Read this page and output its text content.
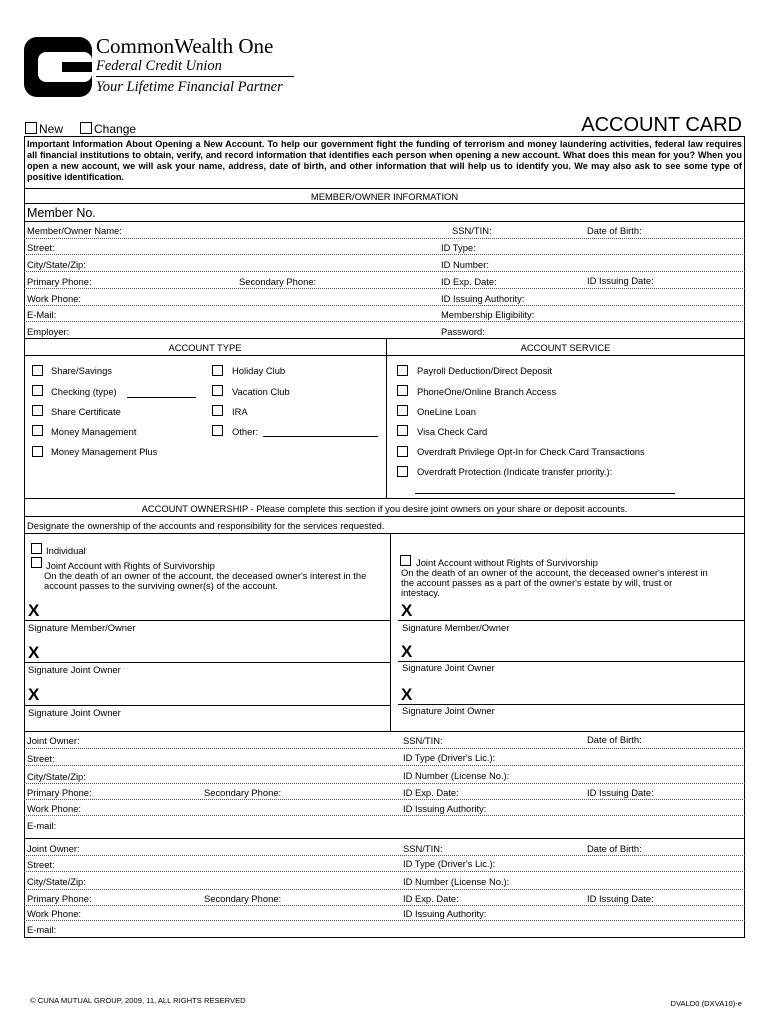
CommonWealth One
Federal Credit Union
Your Lifetime Financial Partner
New	Change	ACCOUNT CARD
Important Information About Opening a New Account. To help our government fight the funding of terrorism and money laundering activities, federal law requires all financial institutions to obtain, verify, and record information that identifies each person when opening a new account. What does this mean for you? When you open a new account, we will ask your name, address, date of birth, and other information that will help us to identify you. We may also ask to see some type of positive identification.
MEMBER/OWNER INFORMATION
Member No.
Member/Owner Name:	SSN/TIN:	Date of Birth:
Street:	ID Type:
City/State/Zip:	ID Number:
Primary Phone:	Secondary Phone:	ID Exp. Date:	ID Issuing Date:
Work Phone:	ID Issuing Authority:
E-Mail:	Membership Eligibility:
Employer:	Password:
ACCOUNT TYPE	ACCOUNT SERVICE
Share/Savings
Checking (type)
Share Certificate
Money Management
Money Management Plus
Holiday Club
Vacation Club
IRA
Other:
Payroll Deduction/Direct Deposit
PhoneOne/Online Branch Access
OneLine Loan
Visa Check Card
Overdraft Privilege Opt-In for Check Card Transactions
Overdraft Protection (Indicate transfer priority.):
ACCOUNT OWNERSHIP - Please complete this section if you desire joint owners on your share or deposit accounts.
Designate the ownership of the accounts and responsibility for the services requested.
Individual
Joint Account with Rights of Survivorship
On the death of an owner of the account, the deceased owner's interest in the account passes to the surviving owner(s) of the account.
Joint Account without Rights of Survivorship
On the death of an owner of the account, the deceased owner's interest in the account passes as a part of the owner's estate by will, trust or intestacy.
X
Signature Member/Owner
X
Signature Joint Owner
X
Signature Joint Owner
X
Signature Member/Owner
X
Signature Joint Owner
X
Signature Joint Owner
Joint Owner:	SSN/TIN:	Date of Birth:
Street:	ID Type (Driver's Lic.):
City/State/Zip:	ID Number (License No.):
Primary Phone:	Secondary Phone:	ID Exp. Date:	ID Issuing Date:
Work Phone:	ID Issuing Authority:
E-mail:
Joint Owner:	SSN/TIN:	Date of Birth:
Street:	ID Type (Driver's Lic.):
City/State/Zip:	ID Number (License No.):
Primary Phone:	Secondary Phone:	ID Exp. Date:	ID Issuing Date:
Work Phone:	ID Issuing Authority:
E-mail:
© CUNA MUTUAL GROUP, 2009, 11, ALL RIGHTS RESERVED	DVALD0 (DXVA10)-e
